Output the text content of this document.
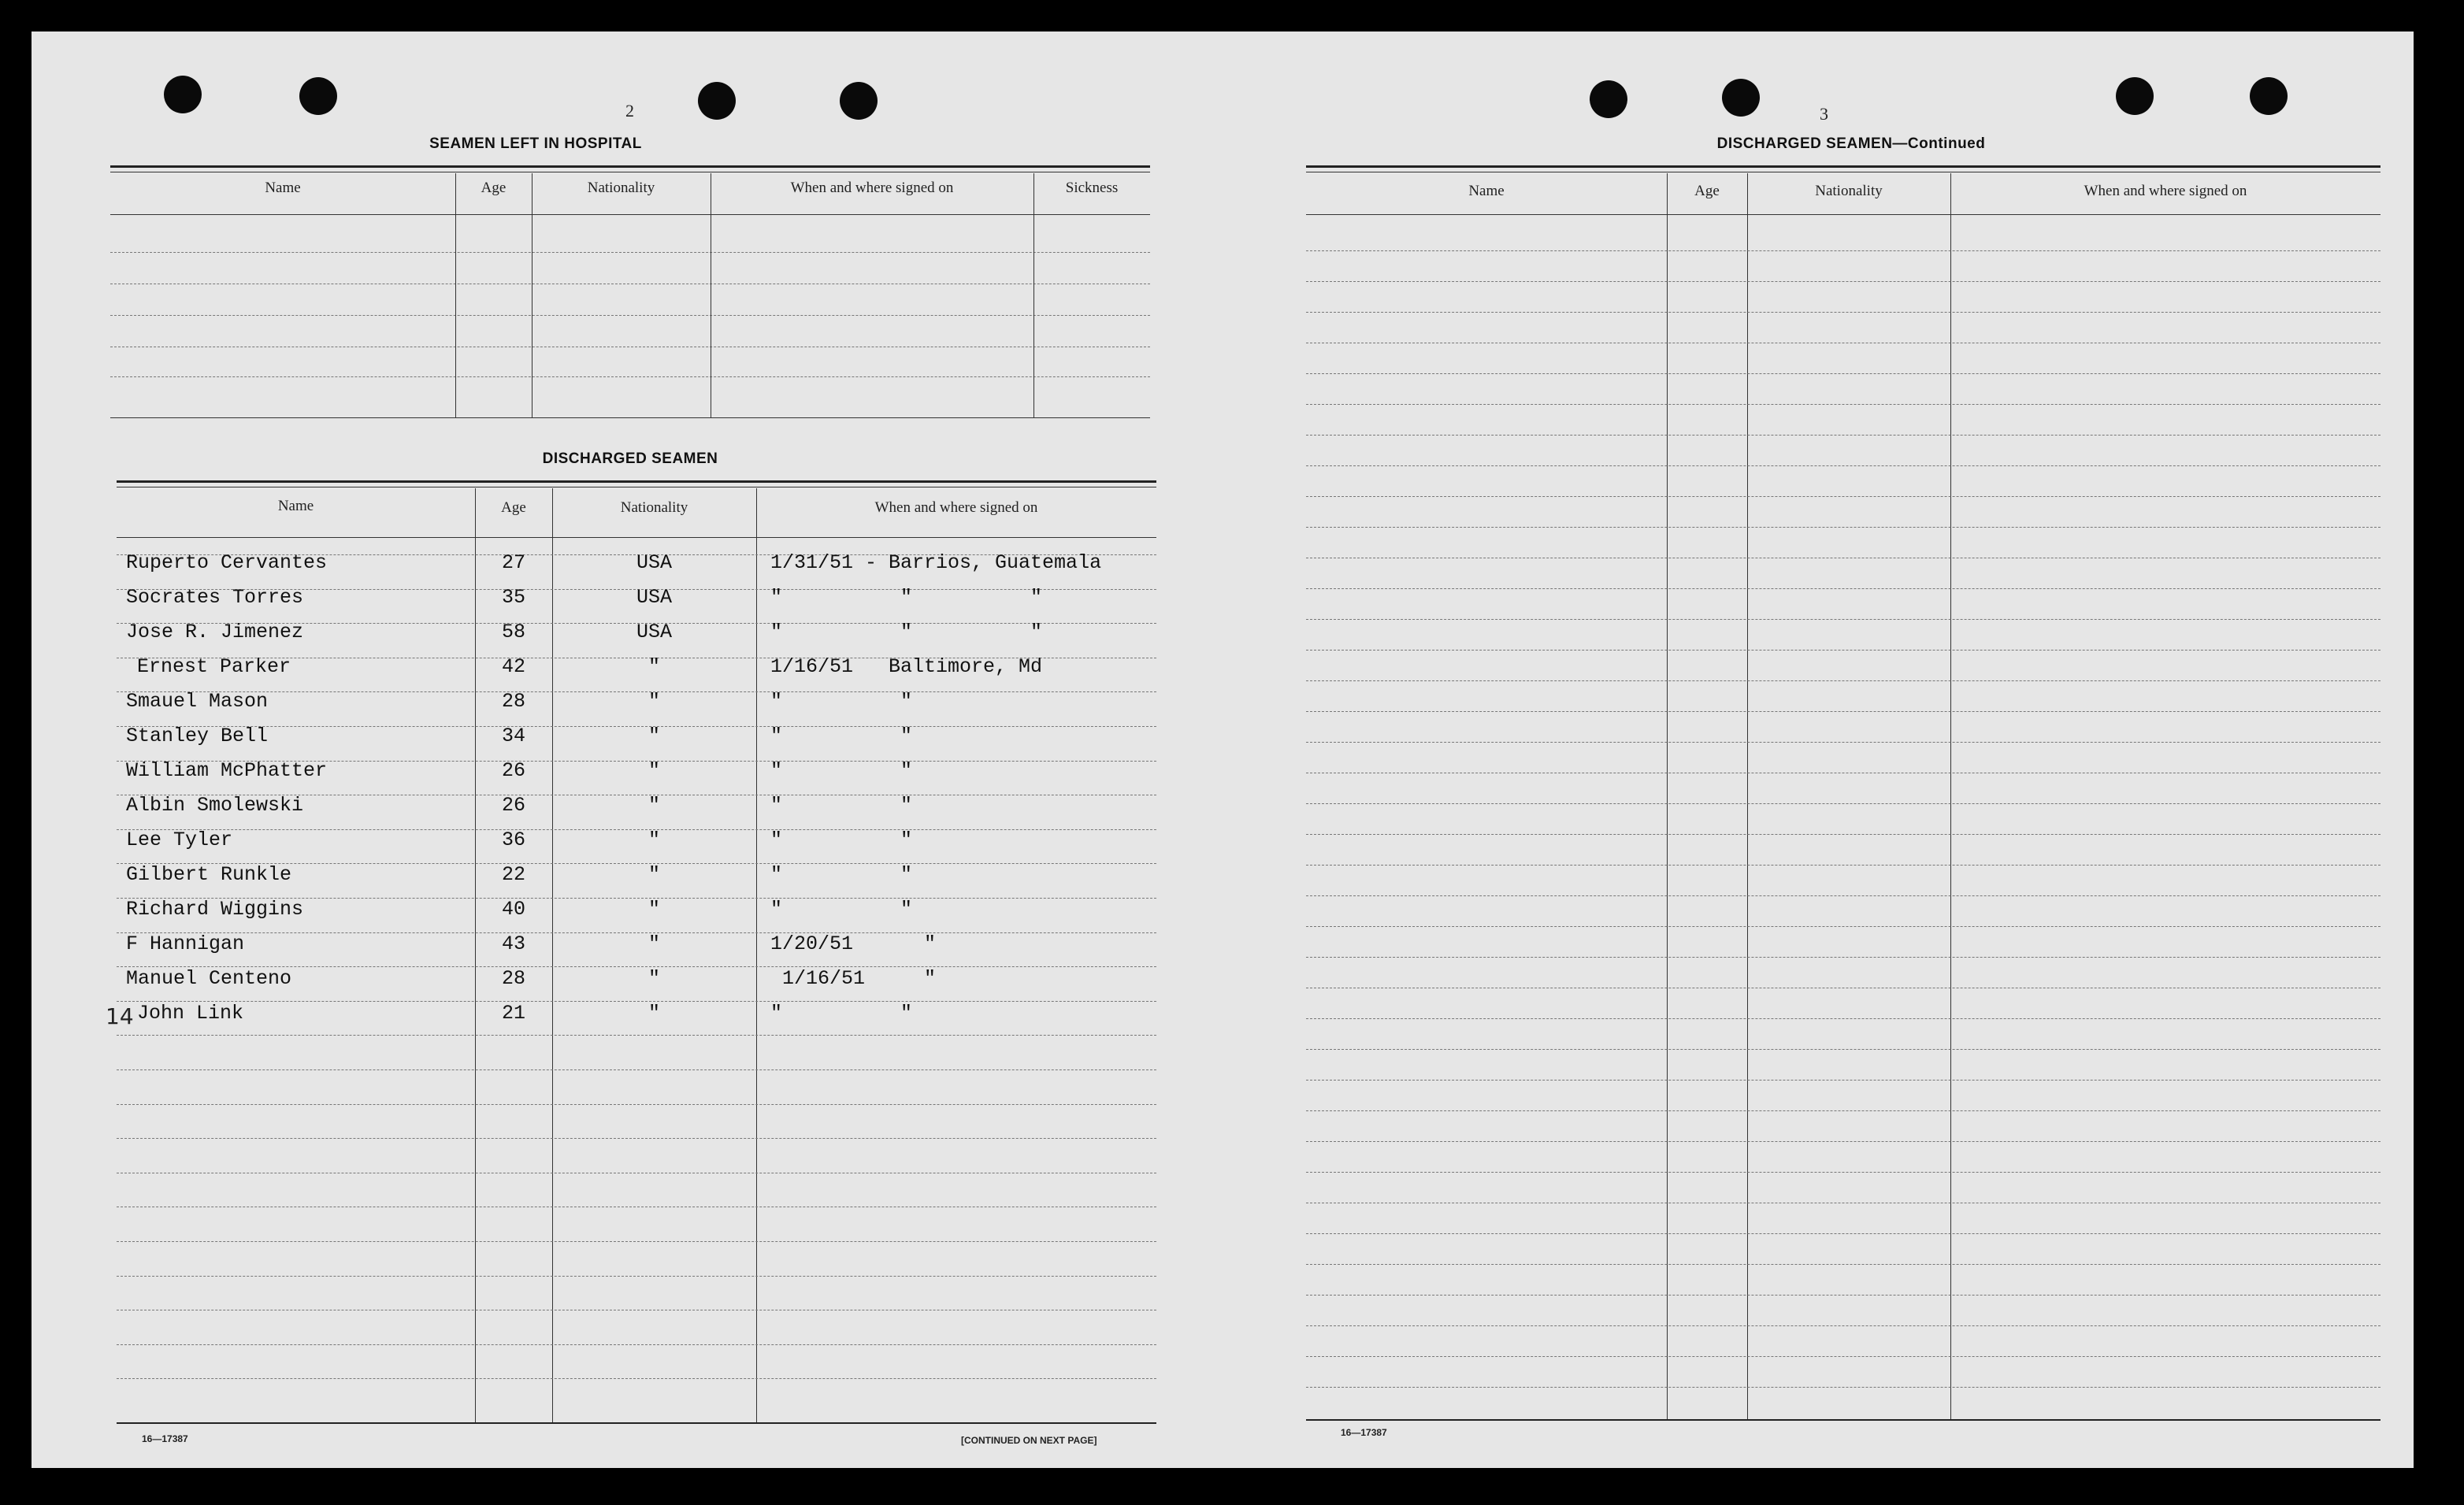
2
SEAMEN LEFT IN HOSPITAL
Name	Age	Nationality	When and where signed on	Sickness
DISCHARGED SEAMEN
Name	Age	Nationality	When and where signed on
Ruperto Cervantes	27	USA	1/31/51 - Barrios, Guatemala
Socrates Torres	35	USA	"          "          "
Jose R. Jimenez	58	USA	"          "          "
Ernest Parker	42	"	1/16/51   Baltimore, Md
Smauel Mason	28	"	"          "
Stanley Bell	34	"	"          "
William McPhatter	26	"	"          "
Albin Smolewski	26	"	"          "
Lee Tyler	36	"	"          "
Gilbert Runkle	22	"	"          "
Richard Wiggins	40	"	"          "
F Hannigan	43	"	1/20/51      "
Manuel Centeno	28	"	1/16/51     "
John Link	21	"	"          "
14
16—17387	[CONTINUED ON NEXT PAGE]
3
DISCHARGED SEAMEN—Continued
Name	Age	Nationality	When and where signed on
16—17387
